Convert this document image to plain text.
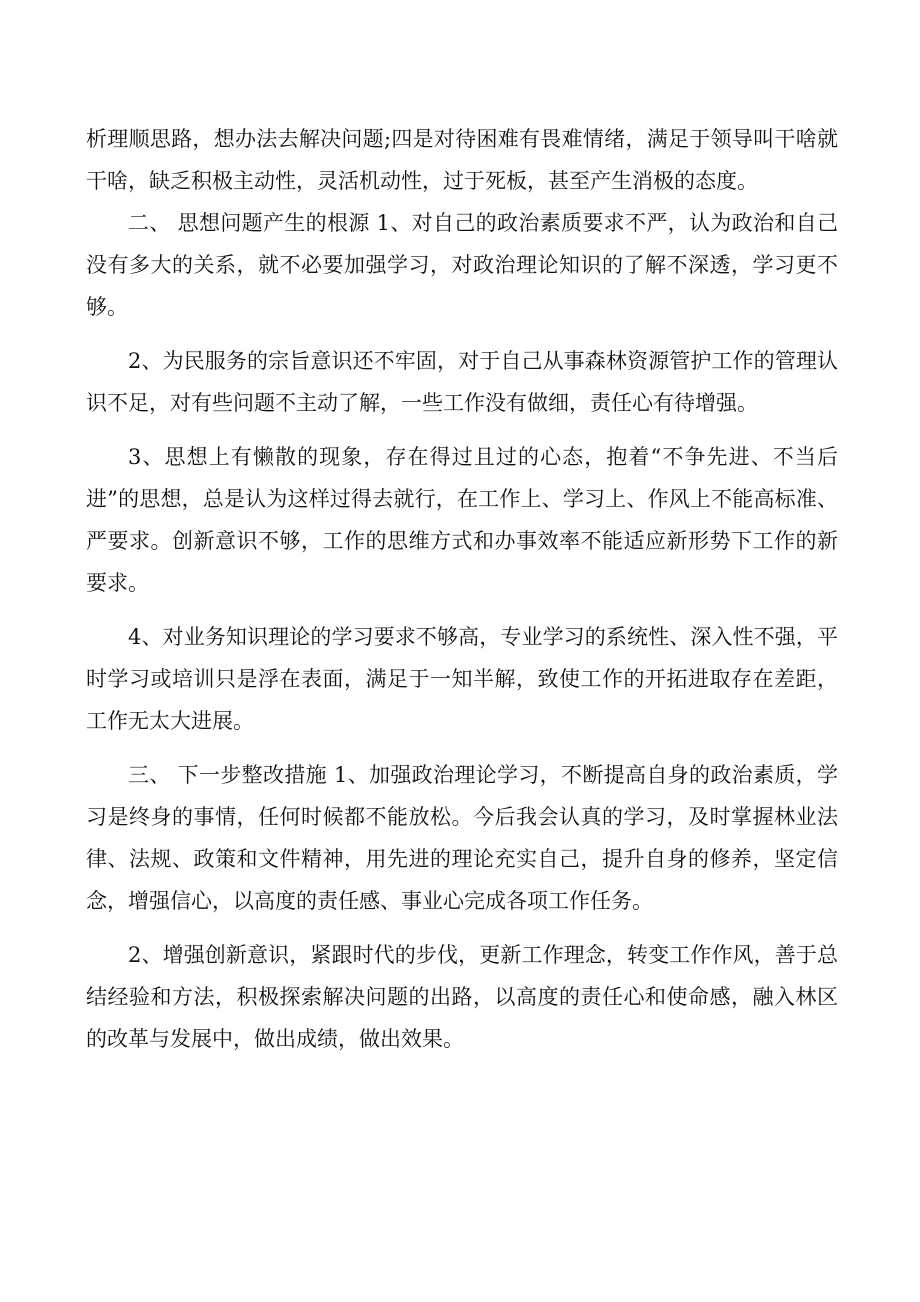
析理顺思路，想办法去解决问题;四是对待困难有畏难情绪，满足于领导叫干啥就干啥，缺乏积极主动性，灵活机动性，过于死板，甚至产生消极的态度。

二、 思想问题产生的根源 1、对自己的政治素质要求不严，认为政治和自己没有多大的关系，就不必要加强学习，对政治理论知识的了解不深透，学习更不够。

2、为民服务的宗旨意识还不牢固，对于自己从事森林资源管护工作的管理认识不足，对有些问题不主动了解，一些工作没有做细，责任心有待增强。

3、思想上有懒散的现象，存在得过且过的心态，抱着“不争先进、不当后进”的思想，总是认为这样过得去就行，在工作上、学习上、作风上不能高标准、严要求。创新意识不够，工作的思维方式和办事效率不能适应新形势下工作的新要求。

4、对业务知识理论的学习要求不够高，专业学习的系统性、深入性不强，平时学习或培训只是浮在表面，满足于一知半解，致使工作的开拓进取存在差距，工作无太大进展。

三、 下一步整改措施 1、加强政治理论学习，不断提高自身的政治素质，学习是终身的事情，任何时候都不能放松。今后我会认真的学习，及时掌握林业法律、法规、政策和文件精神，用先进的理论充实自己，提升自身的修养，坚定信念，增强信心，以高度的责任感、事业心完成各项工作任务。

2、增强创新意识，紧跟时代的步伐，更新工作理念，转变工作作风，善于总结经验和方法，积极探索解决问题的出路，以高度的责任心和使命感，融入林区的改革与发展中，做出成绩，做出效果。
